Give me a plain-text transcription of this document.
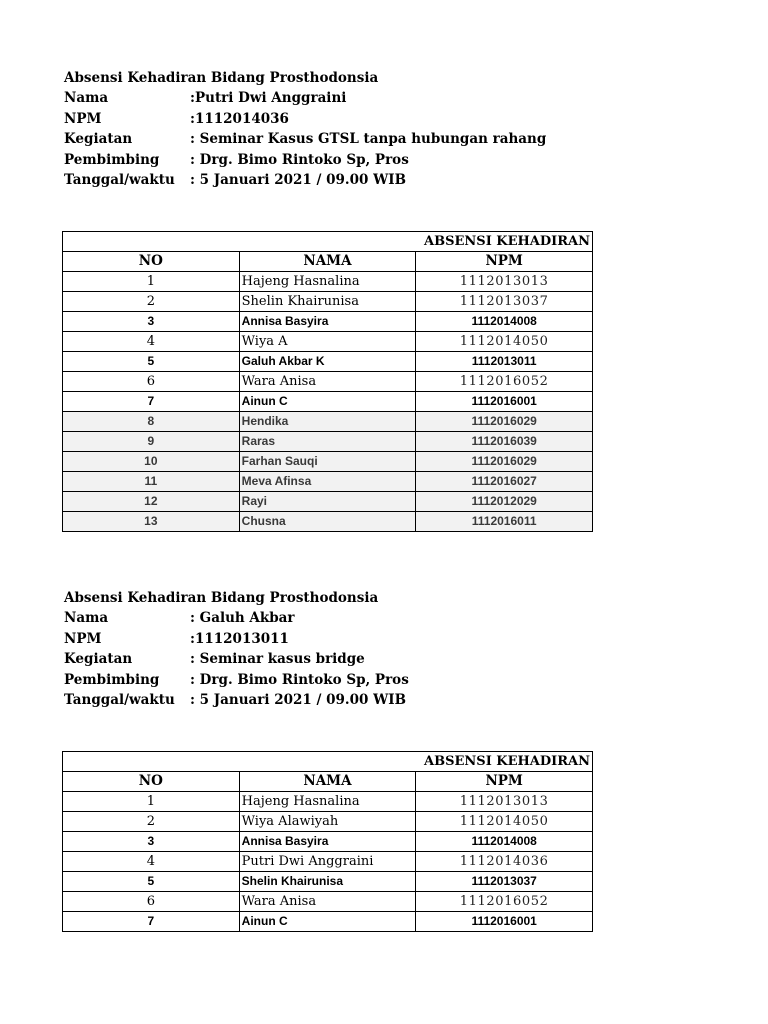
Absensi Kehadiran Bidang Prosthodonsia
Nama	:Putri Dwi Anggraini
NPM	:1112014036
Kegiatan	: Seminar Kasus GTSL tanpa hubungan rahang
Pembimbing : Drg. Bimo Rintoko Sp, Pros
Tanggal/waktu : 5 Januari 2021 / 09.00 WIB
ABSENSI KEHADIRAN		
NO	NAMA	NPM
1	Hajeng Hasnalina	1112013013
2	Shelin Khairunisa	1112013037
3	Annisa Basyira	1112014008
4	Wiya A	1112014050
5	Galuh Akbar K	1112013011
6	Wara Anisa	1112016052
7	Ainun C	1112016001
8	Hendika	1112016029
9	Raras	1112016039
10	Farhan Sauqi	1112016029
11	Meva Afinsa	1112016027
12	Rayi	1112012029
13	Chusna	1112016011
Absensi Kehadiran Bidang Prosthodonsia
Nama	: Galuh Akbar
NPM	:1112013011
Kegiatan	: Seminar kasus bridge
Pembimbing : Drg. Bimo Rintoko Sp, Pros
Tanggal/waktu : 5 Januari 2021 / 09.00 WIB
ABSENSI KEHADIRAN		
NO	NAMA	NPM
1	Hajeng Hasnalina	1112013013
2	Wiya Alawiyah	1112014050
3	Annisa Basyira	1112014008
4	Putri Dwi Anggraini	1112014036
5	Shelin Khairunisa	1112013037
6	Wara Anisa	1112016052
7	Ainun C	1112016001
